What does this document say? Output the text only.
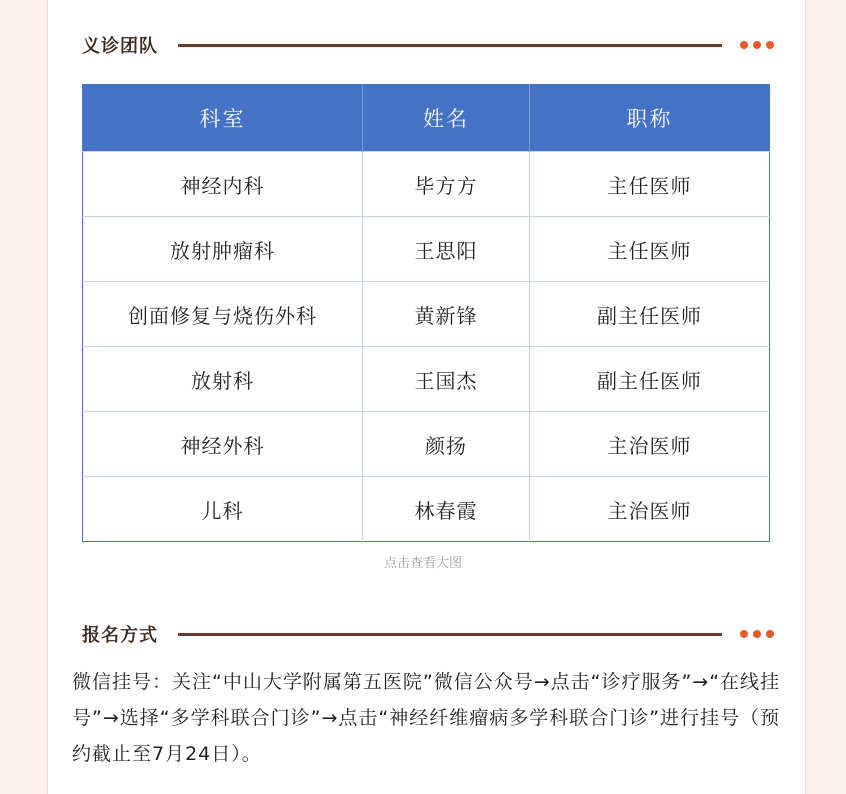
义诊团队
科室	姓名	职称
神经内科	毕方方	主任医师
放射肿瘤科	王思阳	主任医师
创面修复与烧伤外科	黄新锋	副主任医师
放射科	王国杰	副主任医师
神经外科	颜扬	主治医师
儿科	林春霞	主治医师
点击查看大图
报名方式
微信挂号：关注“中山大学附属第五医院”微信公众号→点击“诊疗服务”→“在线挂号”→选择“多学科联合门诊”→点击“神经纤维瘤病多学科联合门诊”进行挂号（预约截止至7月24日）。
